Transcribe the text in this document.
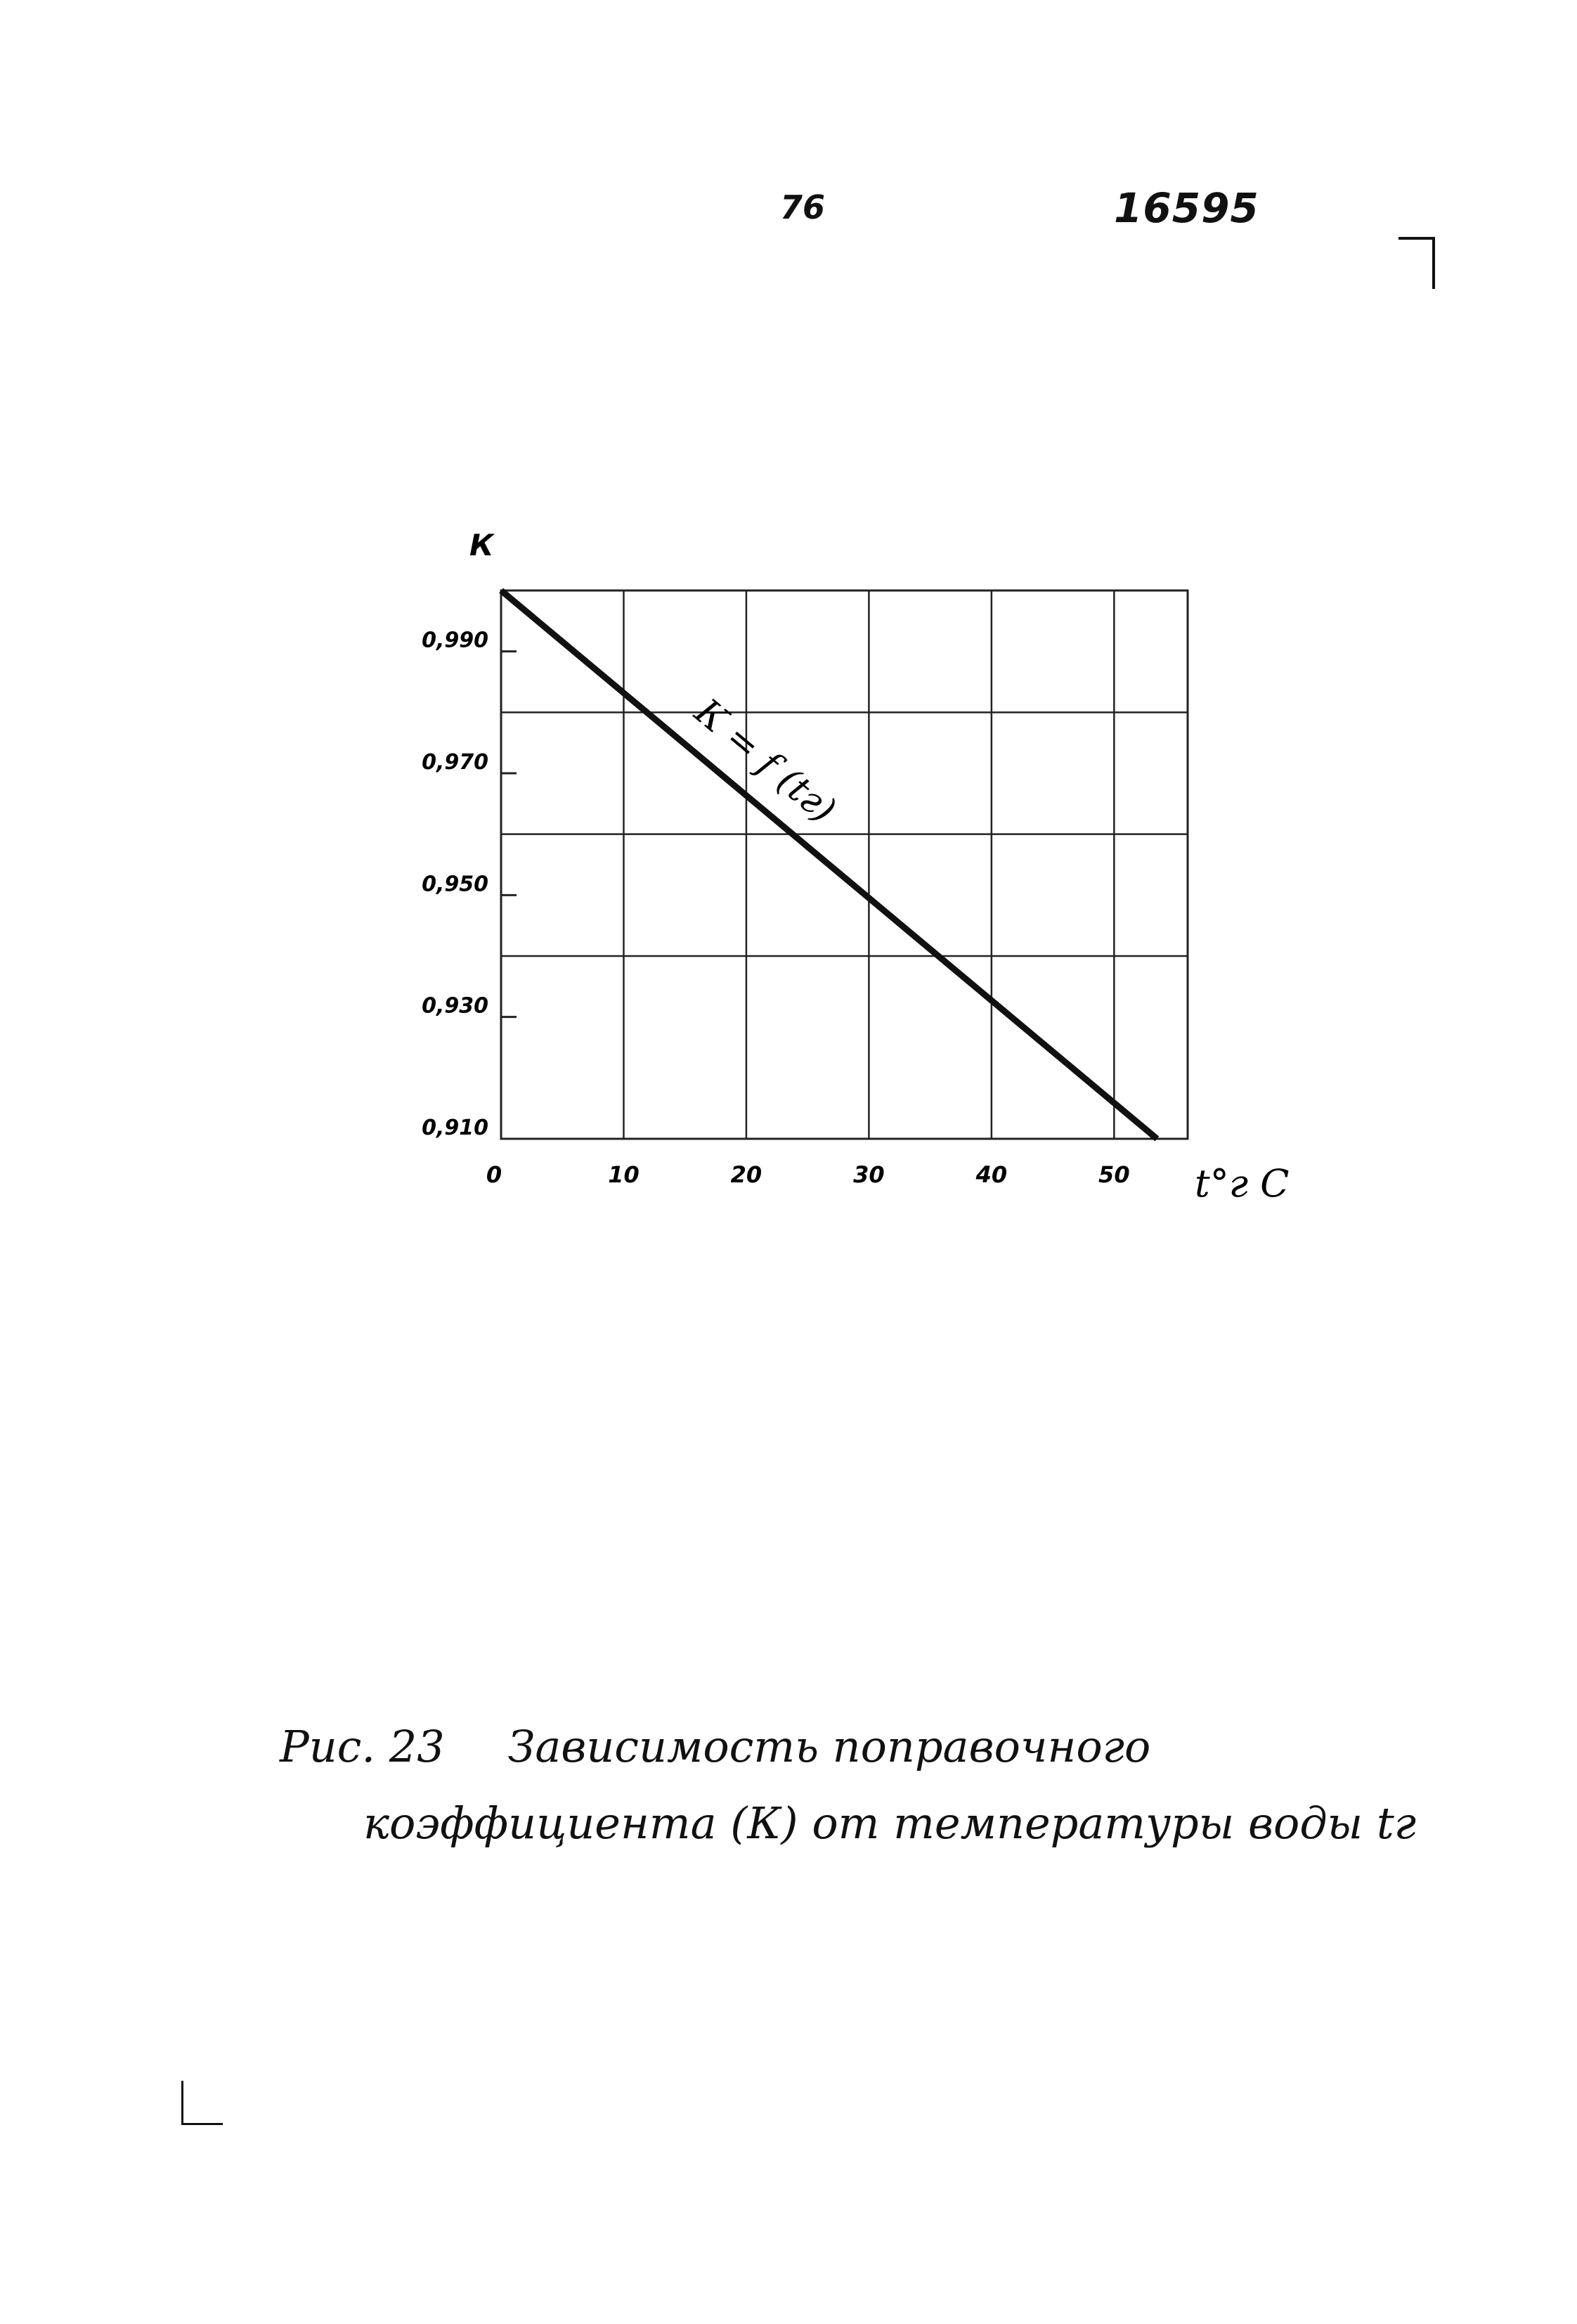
76	16595
0,910
0,930
0,950
0,970
0,990
0	10	20	30	40	50
К
t°г C
К = f (tг)
Рис. 23 Зависимость поправочного
коэффициента (К) от температуры воды tг
